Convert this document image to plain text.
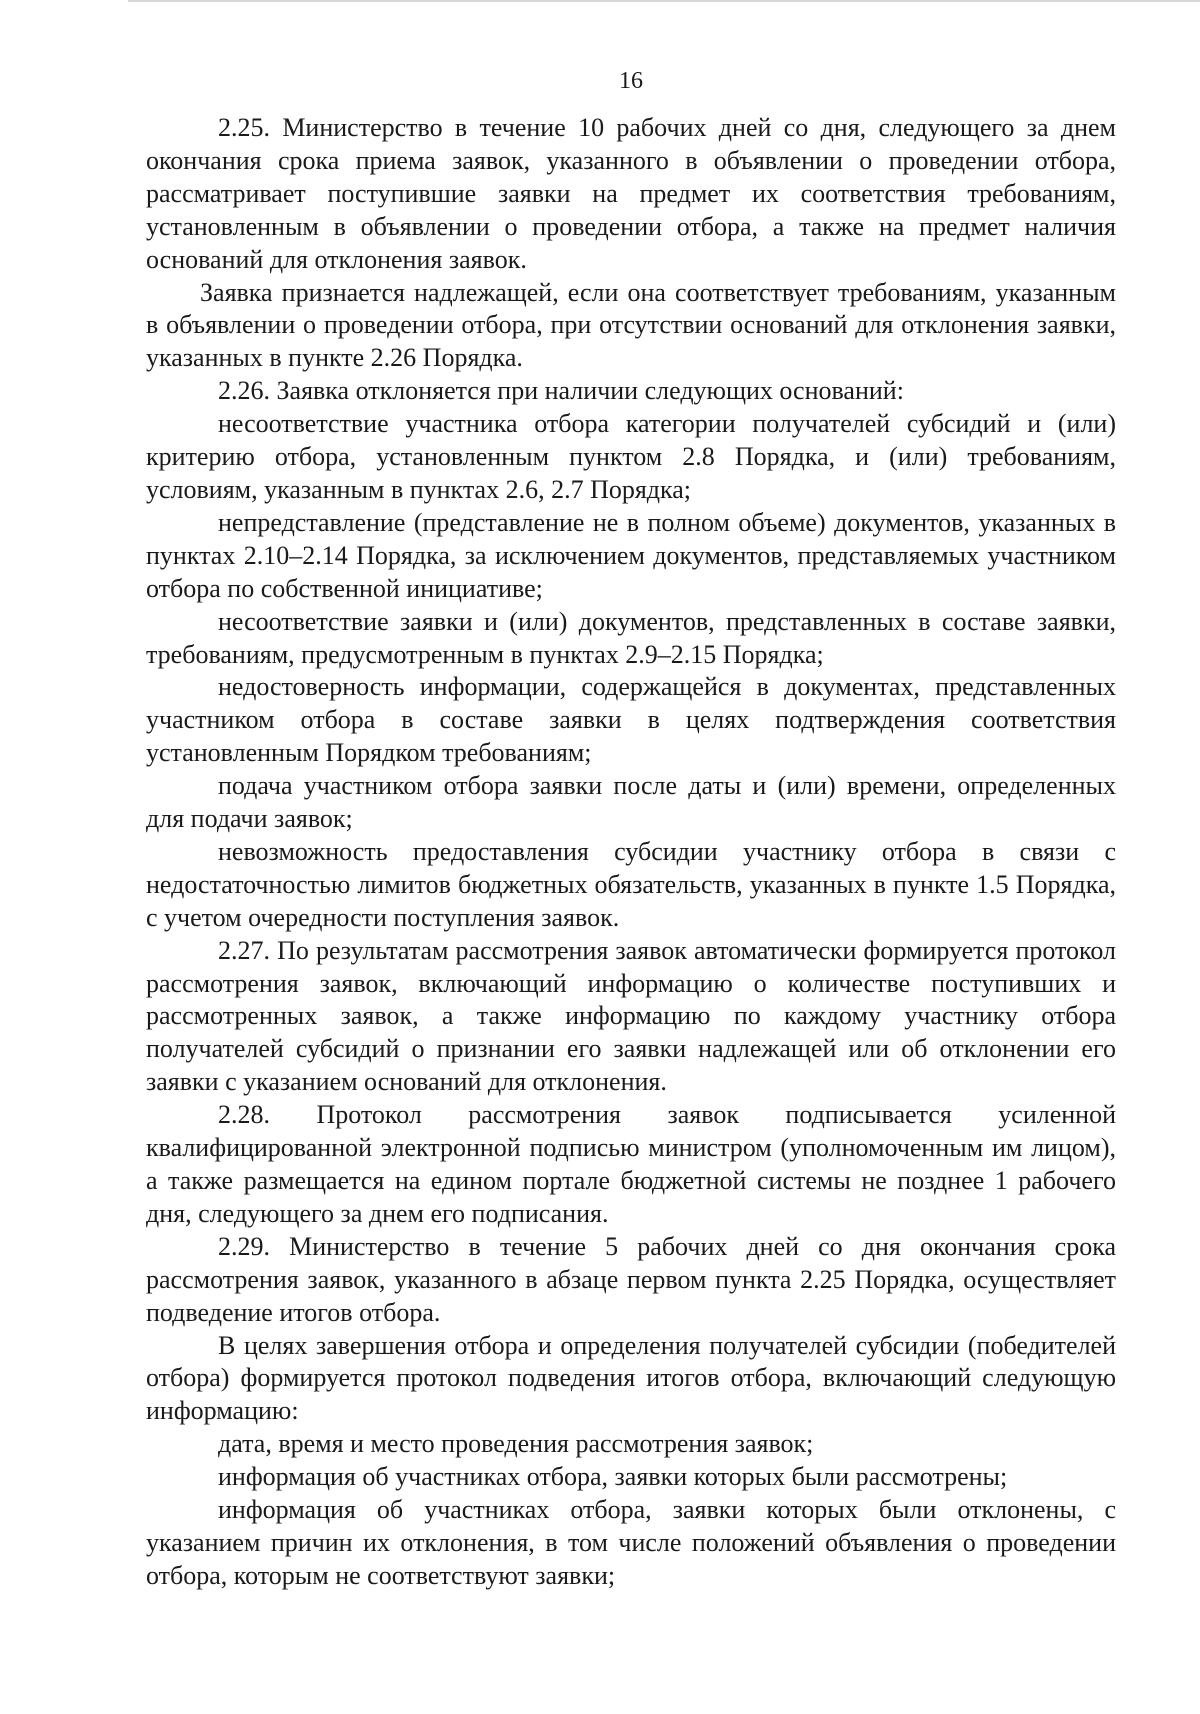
16

2.25. Министерство в течение 10 рабочих дней со дня, следующего за днем окончания срока приема заявок, указанного в объявлении о проведении отбора, рассматривает поступившие заявки на предмет их соответствия требованиям, установленным в объявлении о проведении отбора, а также на предмет наличия оснований для отклонения заявок.

Заявка признается надлежащей, если она соответствует требованиям, указанным в объявлении о проведении отбора, при отсутствии оснований для отклонения заявки, указанных в пункте 2.26 Порядка.

2.26. Заявка отклоняется при наличии следующих оснований:

несоответствие участника отбора категории получателей субсидий и (или) критерию отбора, установленным пунктом 2.8 Порядка, и (или) требованиям, условиям, указанным в пунктах 2.6, 2.7 Порядка;

непредставление (представление не в полном объеме) документов, указанных в пунктах 2.10–2.14 Порядка, за исключением документов, представляемых участником отбора по собственной инициативе;

несоответствие заявки и (или) документов, представленных в составе заявки, требованиям, предусмотренным в пунктах 2.9–2.15 Порядка;

недостоверность информации, содержащейся в документах, представленных участником отбора в составе заявки в целях подтверждения соответствия установленным Порядком требованиям;

подача участником отбора заявки после даты и (или) времени, определенных для подачи заявок;

невозможность предоставления субсидии участнику отбора в связи с недостаточностью лимитов бюджетных обязательств, указанных в пункте 1.5 Порядка, с учетом очередности поступления заявок.

2.27. По результатам рассмотрения заявок автоматически формируется протокол рассмотрения заявок, включающий информацию о количестве поступивших и рассмотренных заявок, а также информацию по каждому участнику отбора получателей субсидий о признании его заявки надлежащей или об отклонении его заявки с указанием оснований для отклонения.

2.28. Протокол рассмотрения заявок подписывается усиленной квалифицированной электронной подписью министром (уполномоченным им лицом), а также размещается на едином портале бюджетной системы не позднее 1 рабочего дня, следующего за днем его подписания.

2.29. Министерство в течение 5 рабочих дней со дня окончания срока рассмотрения заявок, указанного в абзаце первом пункта 2.25 Порядка, осуществляет подведение итогов отбора.

В целях завершения отбора и определения получателей субсидии (победителей отбора) формируется протокол подведения итогов отбора, включающий следующую информацию:

дата, время и место проведения рассмотрения заявок;

информация об участниках отбора, заявки которых были рассмотрены;

информация об участниках отбора, заявки которых были отклонены, с указанием причин их отклонения, в том числе положений объявления о проведении отбора, которым не соответствуют заявки;
